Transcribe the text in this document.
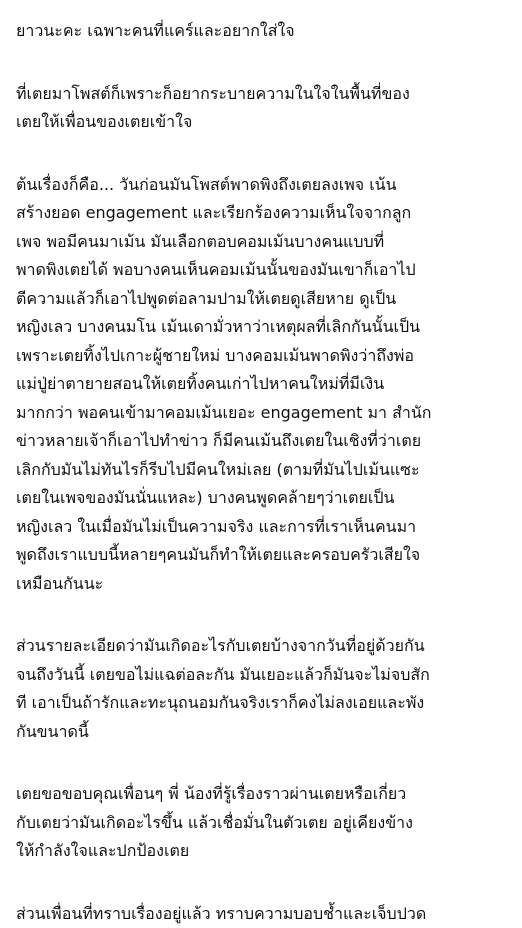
ยาวนะคะ เฉพาะคนที่แคร์และอยากใส่ใจ

ที่เตยมาโพสต์ก็เพราะก็อยากระบายความในใจในพื้นที่ของ
เตยให้เพื่อนของเตยเข้าใจ

ต้นเรื่องก็คือ... วันก่อนมันโพสต์พาดพิงถึงเตยลงเพจ เน้น
สร้างยอด engagement และเรียกร้องความเห็นใจจากลูก
เพจ พอมีคนมาเม้น มันเลือกตอบคอมเม้นบางคนแบบที่
พาดพิงเตยได้ พอบางคนเห็นคอมเม้นนั้นของมันเขาก็เอาไป
ตีความแล้วก็เอาไปพูดต่อลามปามให้เตยดูเสียหาย ดูเป็น
หญิงเลว บางคนมโน เม้นเดามั่วหาว่าเหตุผลที่เลิกกันนั้นเป็น
เพราะเตยทิ้งไปเกาะผู้ชายใหม่ บางคอมเม้นพาดพิงว่าถึงพ่อ
แม่ปู่ย่าตายายสอนให้เตยทิ้งคนเก่าไปหาคนใหม่ที่มีเงิน
มากกว่า พอคนเข้ามาคอมเม้นเยอะ engagement มา สำนัก
ข่าวหลายเจ้าก็เอาไปทำข่าว ก็มีคนเม้นถึงเตยในเชิงที่ว่าเตย
เลิกกับมันไม่ทันไรก็รีบไปมีคนใหม่เลย (ตามที่มันไปเม้นแซะ
เตยในเพจของมันนั่นแหละ) บางคนพูดคล้ายๆว่าเตยเป็น
หญิงเลว ในเมื่อมันไม่เป็นความจริง และการที่เราเห็นคนมา
พูดถึงเราแบบนี้หลายๆคนมันก็ทำให้เตยและครอบครัวเสียใจ
เหมือนกันนะ

ส่วนรายละเอียดว่ามันเกิดอะไรกับเตยบ้างจากวันที่อยู่ด้วยกัน
จนถึงวันนี้ เตยขอไม่แฉต่อละกัน มันเยอะแล้วก็มันจะไม่จบสัก
ที เอาเป็นถ้ารักและทะนุถนอมกันจริงเราก็คงไม่ลงเอยและพัง
กันขนาดนี้

เตยขอขอบคุณเพื่อนๆ พี่ น้องที่รู้เรื่องราวผ่านเตยหรือเกี่ยว
กับเตยว่ามันเกิดอะไรขึ้น แล้วเชื่อมั่นในตัวเตย อยู่เคียงข้าง
ให้กำลังใจและปกป้องเตย

ส่วนเพื่อนที่ทราบเรื่องอยู่แล้ว ทราบความบอบช้ำและเจ็บปวด
